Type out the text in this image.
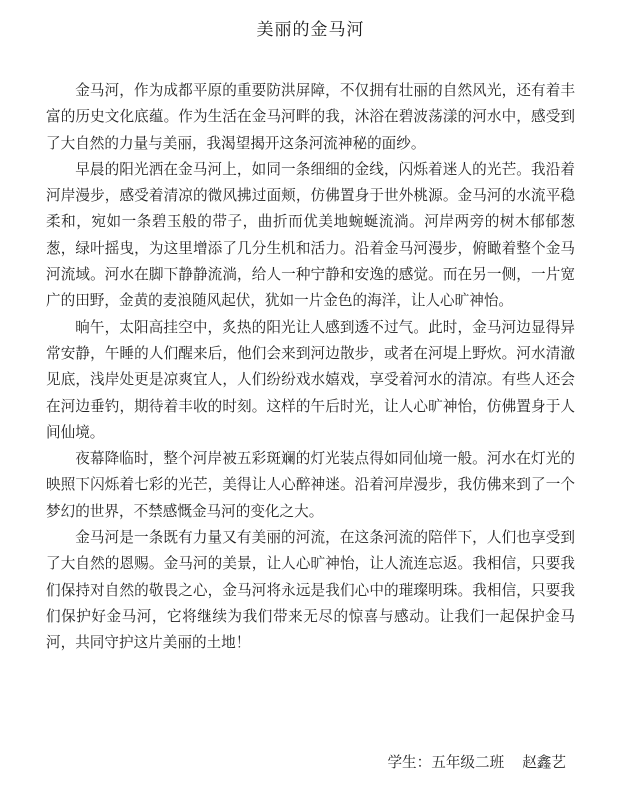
美丽的金马河

金马河，作为成都平原的重要防洪屏障，不仅拥有壮丽的自然风光，还有着丰富的历史文化底蕴。作为生活在金马河畔的我，沐浴在碧波荡漾的河水中，感受到了大自然的力量与美丽，我渴望揭开这条河流神秘的面纱。

早晨的阳光洒在金马河上，如同一条细细的金线，闪烁着迷人的光芒。我沿着河岸漫步，感受着清凉的微风拂过面颊，仿佛置身于世外桃源。金马河的水流平稳柔和，宛如一条碧玉般的带子，曲折而优美地蜿蜒流淌。河岸两旁的树木郁郁葱葱，绿叶摇曳，为这里增添了几分生机和活力。沿着金马河漫步，俯瞰着整个金马河流域。河水在脚下静静流淌，给人一种宁静和安逸的感觉。而在另一侧，一片宽广的田野，金黄的麦浪随风起伏，犹如一片金色的海洋，让人心旷神怡。

晌午，太阳高挂空中，炙热的阳光让人感到透不过气。此时，金马河边显得异常安静，午睡的人们醒来后，他们会来到河边散步，或者在河堤上野炊。河水清澈见底，浅岸处更是凉爽宜人，人们纷纷戏水嬉戏，享受着河水的清凉。有些人还会在河边垂钓，期待着丰收的时刻。这样的午后时光，让人心旷神怡，仿佛置身于人间仙境。

夜幕降临时，整个河岸被五彩斑斓的灯光装点得如同仙境一般。河水在灯光的映照下闪烁着七彩的光芒，美得让人心醉神迷。沿着河岸漫步，我仿佛来到了一个梦幻的世界，不禁感慨金马河的变化之大。

金马河是一条既有力量又有美丽的河流，在这条河流的陪伴下，人们也享受到了大自然的恩赐。金马河的美景，让人心旷神怡，让人流连忘返。我相信，只要我们保持对自然的敬畏之心，金马河将永远是我们心中的璀璨明珠。我相信，只要我们保护好金马河，它将继续为我们带来无尽的惊喜与感动。让我们一起保护金马河，共同守护这片美丽的土地！

学生：五年级二班 赵鑫艺
